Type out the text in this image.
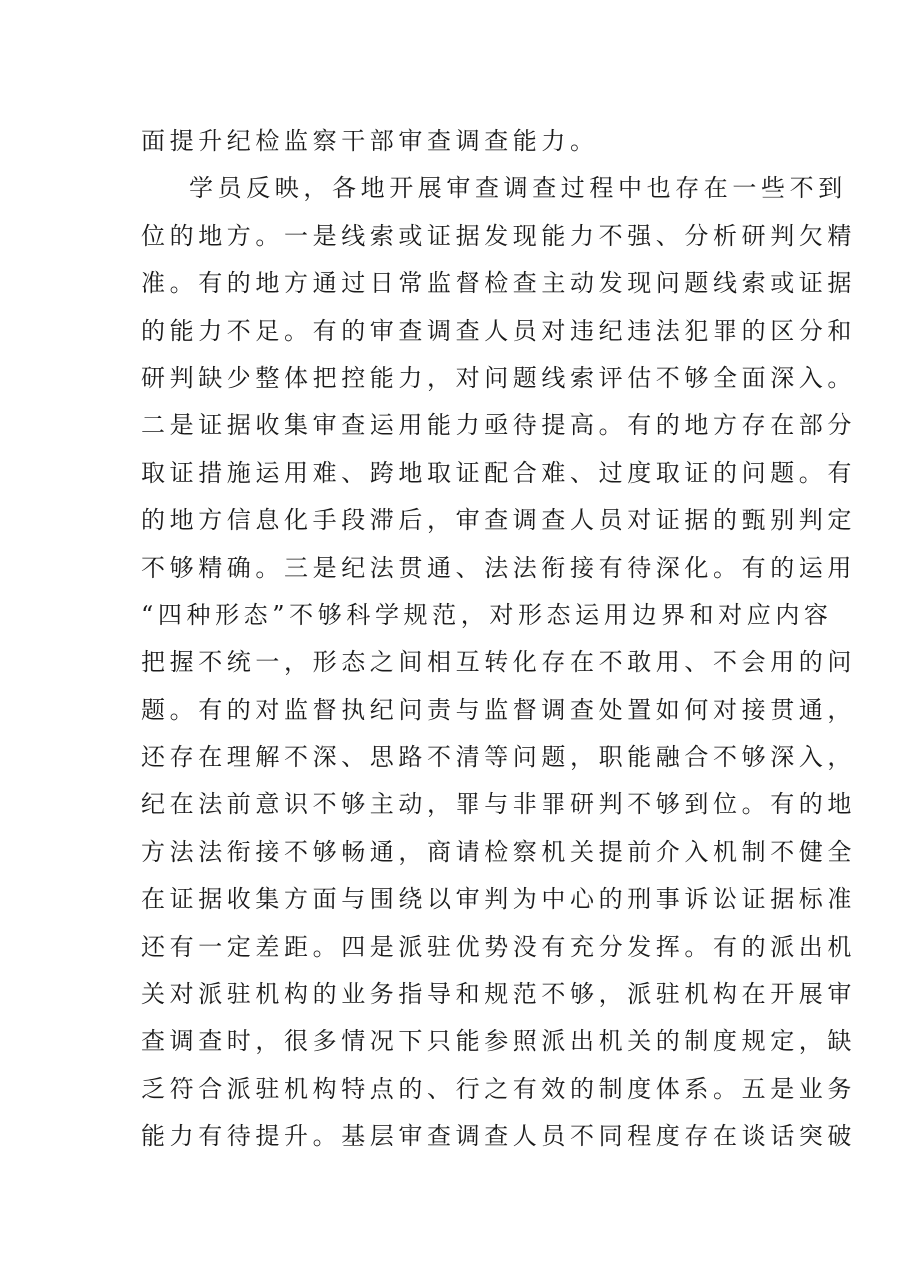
面提升纪检监察干部审查调查能力。
学员反映，各地开展审查调查过程中也存在一些不到
位的地方。一是线索或证据发现能力不强、分析研判欠精
准。有的地方通过日常监督检查主动发现问题线索或证据
的能力不足。有的审查调查人员对违纪违法犯罪的区分和
研判缺少整体把控能力，对问题线索评估不够全面深入。
二是证据收集审查运用能力亟待提高。有的地方存在部分
取证措施运用难、跨地取证配合难、过度取证的问题。有
的地方信息化手段滞后，审查调查人员对证据的甄别判定
不够精确。三是纪法贯通、法法衔接有待深化。有的运用
“四种形态”不够科学规范，对形态运用边界和对应内容
把握不统一，形态之间相互转化存在不敢用、不会用的问
题。有的对监督执纪问责与监督调查处置如何对接贯通，
还存在理解不深、思路不清等问题，职能融合不够深入，
纪在法前意识不够主动，罪与非罪研判不够到位。有的地
方法法衔接不够畅通，商请检察机关提前介入机制不健全
在证据收集方面与围绕以审判为中心的刑事诉讼证据标准
还有一定差距。四是派驻优势没有充分发挥。有的派出机
关对派驻机构的业务指导和规范不够，派驻机构在开展审
查调查时，很多情况下只能参照派出机关的制度规定，缺
乏符合派驻机构特点的、行之有效的制度体系。五是业务
能力有待提升。基层审查调查人员不同程度存在谈话突破
